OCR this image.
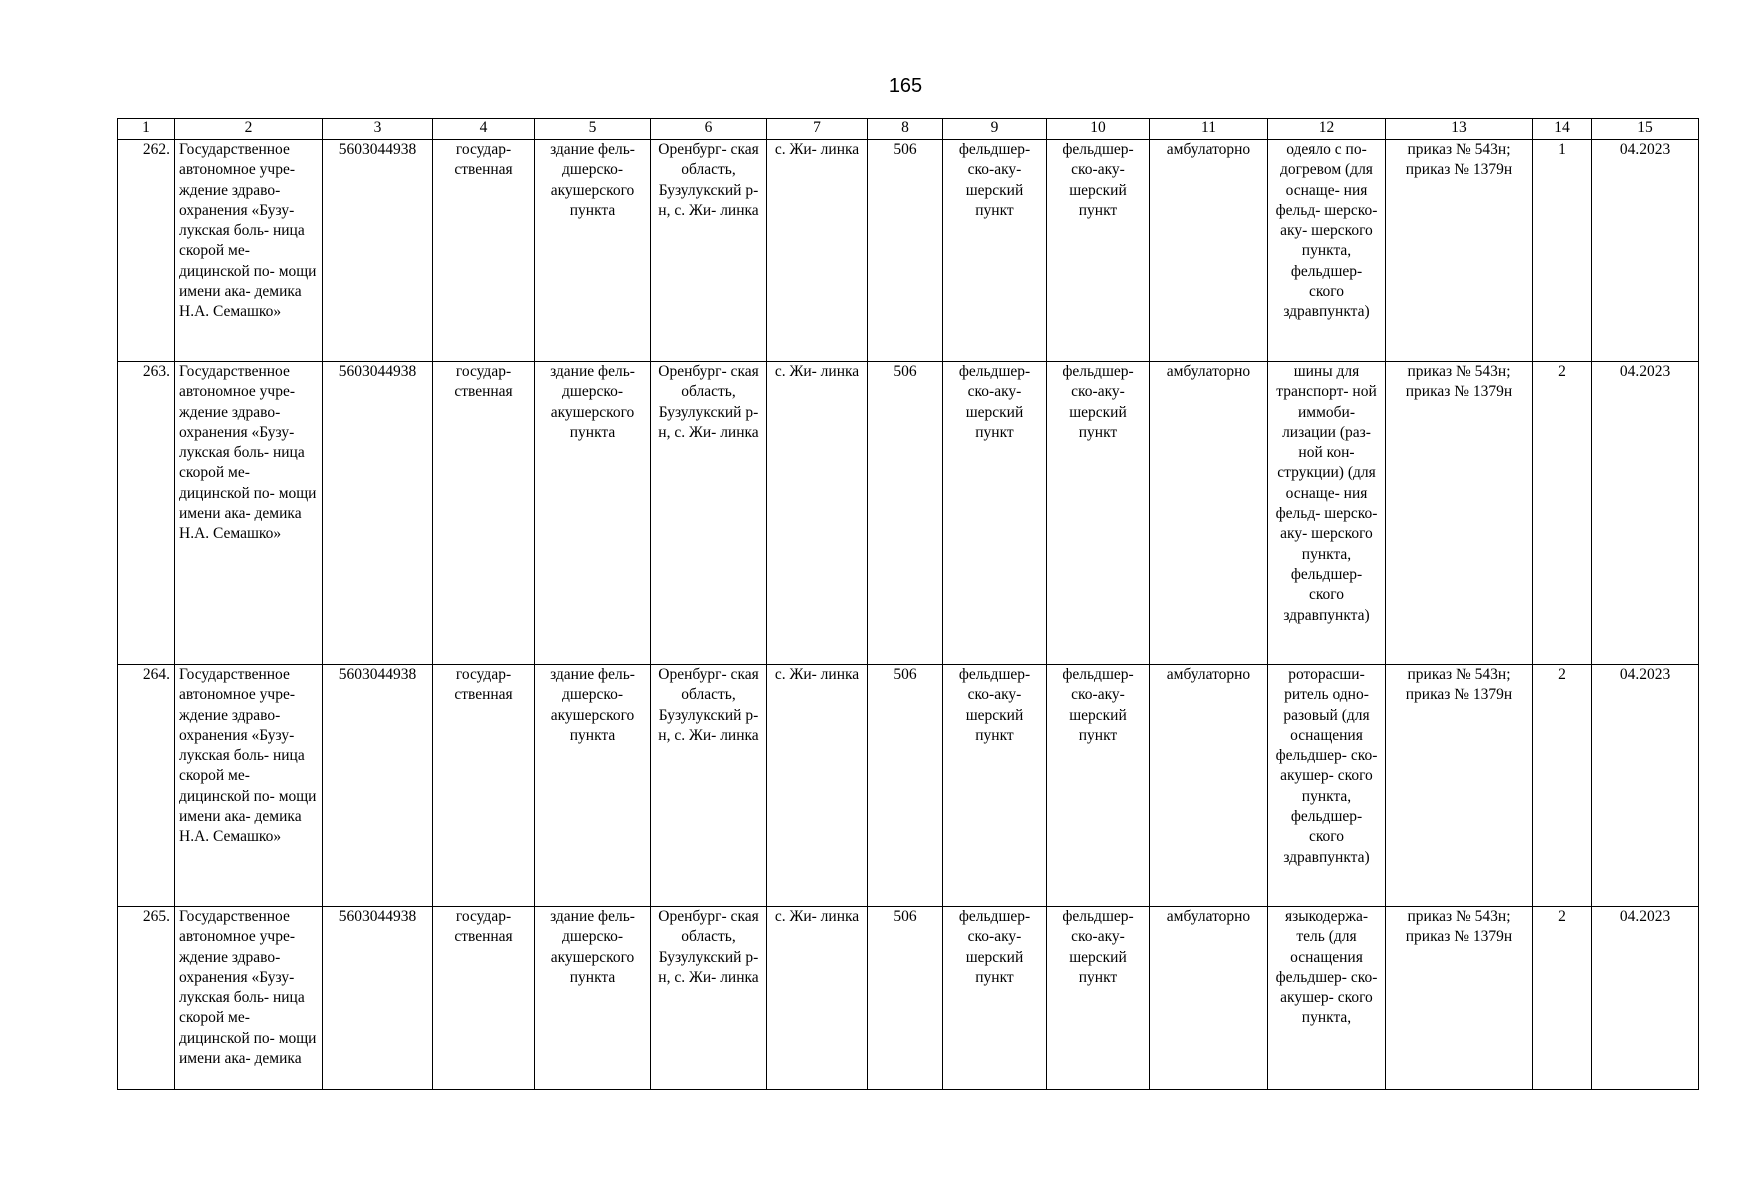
165
1	2	3	4	5	6	7	8	9	10	11	12	13	14	15
262.	Государственное автономное учре- ждение здраво- охранения «Бузу- лукская боль- ница скорой ме- дицинской по- мощи имени ака- демика Н.А. Семашко»	5603044938	государ- ственная	здание фель- дшерско- акушерского пункта	Оренбург- ская область, Бузулукский р-н, с. Жи- линка	с. Жи- линка	506	фельдшер- ско-аку- шерский пункт	фельдшер- ско-аку- шерский пункт	амбулаторно	одеяло с по- догревом (для оснаще- ния фельд- шерско-аку- шерского пункта, фельдшер- ского здравпункта)	приказ № 543н; приказ № 1379н	1	04.2023
263.	Государственное автономное учре- ждение здраво- охранения «Бузу- лукская боль- ница скорой ме- дицинской по- мощи имени ака- демика Н.А. Семашко»	5603044938	государ- ственная	здание фель- дшерско- акушерского пункта	Оренбург- ская область, Бузулукский р-н, с. Жи- линка	с. Жи- линка	506	фельдшер- ско-аку- шерский пункт	фельдшер- ско-аку- шерский пункт	амбулаторно	шины для транспорт- ной иммоби- лизации (раз- ной кон- струкции) (для оснаще- ния фельд- шерско-аку- шерского пункта, фельдшер- ского здравпункта)	приказ № 543н; приказ № 1379н	2	04.2023
264.	Государственное автономное учре- ждение здраво- охранения «Бузу- лукская боль- ница скорой ме- дицинской по- мощи имени ака- демика Н.А. Семашко»	5603044938	государ- ственная	здание фель- дшерско- акушерского пункта	Оренбург- ская область, Бузулукский р-н, с. Жи- линка	с. Жи- линка	506	фельдшер- ско-аку- шерский пункт	фельдшер- ско-аку- шерский пункт	амбулаторно	роторасши- ритель одно- разовый (для оснащения фельдшер- ско-акушер- ского пункта, фельдшер- ского здравпункта)	приказ № 543н; приказ № 1379н	2	04.2023
265.	Государственное автономное учре- ждение здраво- охранения «Бузу- лукская боль- ница скорой ме- дицинской по- мощи имени ака- демика	5603044938	государ- ственная	здание фель- дшерско- акушерского пункта	Оренбург- ская область, Бузулукский р-н, с. Жи- линка	с. Жи- линка	506	фельдшер- ско-аку- шерский пункт	фельдшер- ско-аку- шерский пункт	амбулаторно	языкодержа- тель (для оснащения фельдшер- ско-акушер- ского пункта,	приказ № 543н; приказ № 1379н	2	04.2023
